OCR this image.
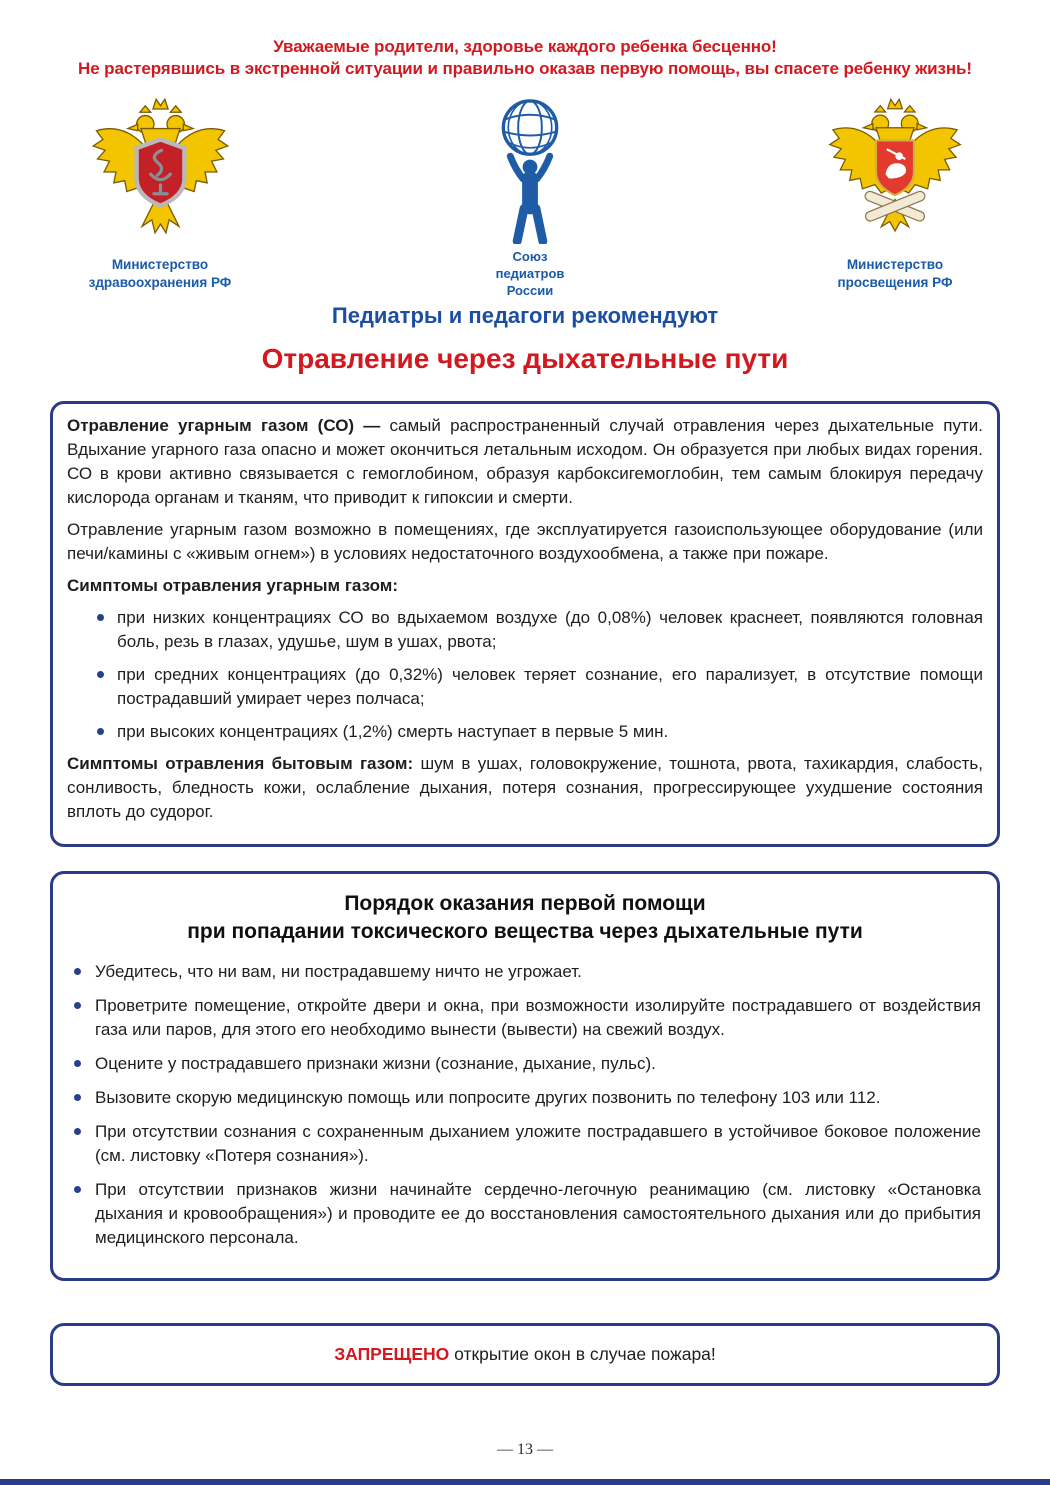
Уважаемые родители, здоровье каждого ребенка бесценно!
Не растерявшись в экстренной ситуации и правильно оказав первую помощь, вы спасете ребенку жизнь!
Министерство
здравоохранения РФ
Союз
педиатров
России
Министерство
просвещения РФ
Педиатры и педагоги рекомендуют
Отравление через дыхательные пути

Отравление угарным газом (СО) — самый распространенный случай отравления через дыхательные пути. Вдыхание угарного газа опасно и может окончиться летальным исходом. Он образуется при любых видах горения. СО в крови активно связывается с гемоглобином, образуя карбоксигемоглобин, тем самым блокируя передачу кислорода органам и тканям, что приводит к гипоксии и смерти.

Отравление угарным газом возможно в помещениях, где эксплуатируется газоиспользующее оборудование (или печи/камины с «живым огнем») в условиях недостаточного воздухообмена, а также при пожаре.

Симптомы отравления угарным газом:

при низких концентрациях СО во вдыхаемом воздухе (до 0,08%) человек краснеет, появляются головная боль, резь в глазах, удушье, шум в ушах, рвота;
при средних концентрациях (до 0,32%) человек теряет сознание, его парализует, в отсутствие помощи пострадавший умирает через полчаса;
при высоких концентрациях (1,2%) смерть наступает в первые 5 мин.

Симптомы отравления бытовым газом: шум в ушах, головокружение, тошнота, рвота, тахикардия, слабость, сонливость, бледность кожи, ослабление дыхания, потеря сознания, прогрессирующее ухудшение состояния вплоть до судорог.

Порядок оказания первой помощи
при попадании токсического вещества через дыхательные пути
Убедитесь, что ни вам, ни пострадавшему ничто не угрожает.
Проветрите помещение, откройте двери и окна, при возможности изолируйте пострадавшего от воздействия газа или паров, для этого его необходимо вынести (вывести) на свежий воздух.
Оцените у пострадавшего признаки жизни (сознание, дыхание, пульс).
Вызовите скорую медицинскую помощь или попросите других позвонить по телефону 103 или 112.
При отсутствии сознания с сохраненным дыханием уложите пострадавшего в устойчивое боковое положение (см. листовку «Потеря сознания»).
При отсутствии признаков жизни начинайте сердечно-легочную реанимацию (см. листовку «Остановка дыхания и кровообращения») и проводите ее до восстановления самостоятельного дыхания или до прибытия медицинского персонала.
ЗАПРЕЩЕНО открытие окон в случае пожара!
— 13 —
